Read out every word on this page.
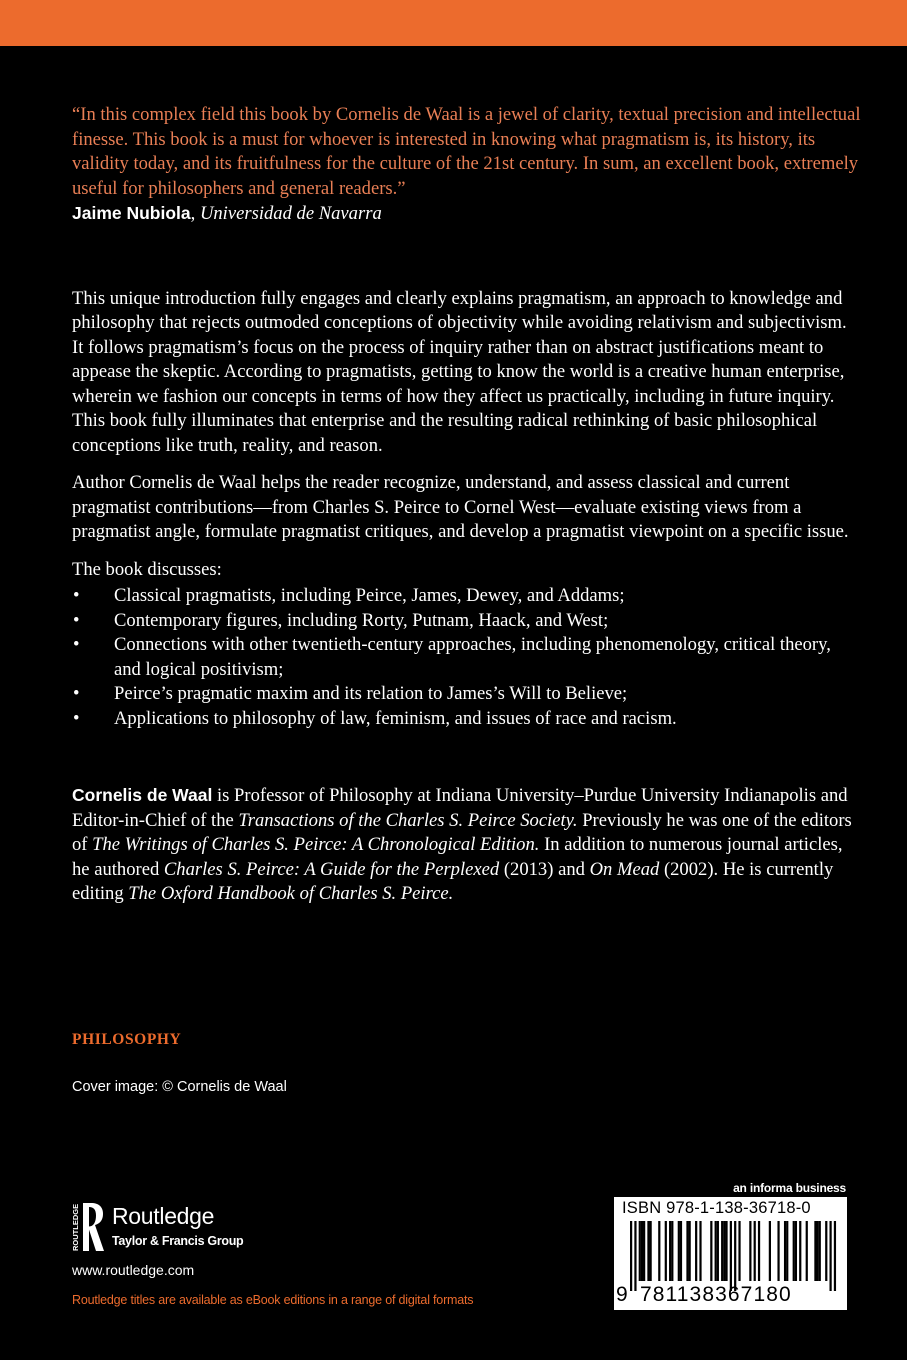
“In this complex field this book by Cornelis de Waal is a jewel of clarity, textual precision and intellectual finesse. This book is a must for whoever is interested in knowing what pragmatism is, its history, its validity today, and its fruitfulness for the culture of the 21st century. In sum, an excellent book, extremely useful for philosophers and general readers.”
Jaime Nubiola, Universidad de Navarra
This unique introduction fully engages and clearly explains pragmatism, an approach to knowledge and philosophy that rejects outmoded conceptions of objectivity while avoiding relativism and subjectivism. It follows pragmatism’s focus on the process of inquiry rather than on abstract justifications meant to appease the skeptic. According to pragmatists, getting to know the world is a creative human enterprise, wherein we fashion our concepts in terms of how they affect us practically, including in future inquiry. This book fully illuminates that enterprise and the resulting radical rethinking of basic philosophical conceptions like truth, reality, and reason.
Author Cornelis de Waal helps the reader recognize, understand, and assess classical and current pragmatist contributions—from Charles S. Peirce to Cornel West—evaluate existing views from a pragmatist angle, formulate pragmatist critiques, and develop a pragmatist viewpoint on a specific issue.
The book discusses:
• Classical pragmatists, including Peirce, James, Dewey, and Addams;
• Contemporary figures, including Rorty, Putnam, Haack, and West;
• Connections with other twentieth-century approaches, including phenomenology, critical theory, and logical positivism;
• Peirce’s pragmatic maxim and its relation to James’s Will to Believe;
• Applications to philosophy of law, feminism, and issues of race and racism.
Cornelis de Waal is Professor of Philosophy at Indiana University–Purdue University Indianapolis and Editor-in-Chief of the Transactions of the Charles S. Peirce Society. Previously he was one of the editors of The Writings of Charles S. Peirce: A Chronological Edition. In addition to numerous journal articles, he authored Charles S. Peirce: A Guide for the Perplexed (2013) and On Mead (2002). He is currently editing The Oxford Handbook of Charles S. Peirce.
PHILOSOPHY
Cover image: © Cornelis de Waal
ROUTLEDGE Routledge
Taylor & Francis Group
www.routledge.com
Routledge titles are available as eBook editions in a range of digital formats
an informa business
ISBN 978-1-138-36718-0
9 781138367180
